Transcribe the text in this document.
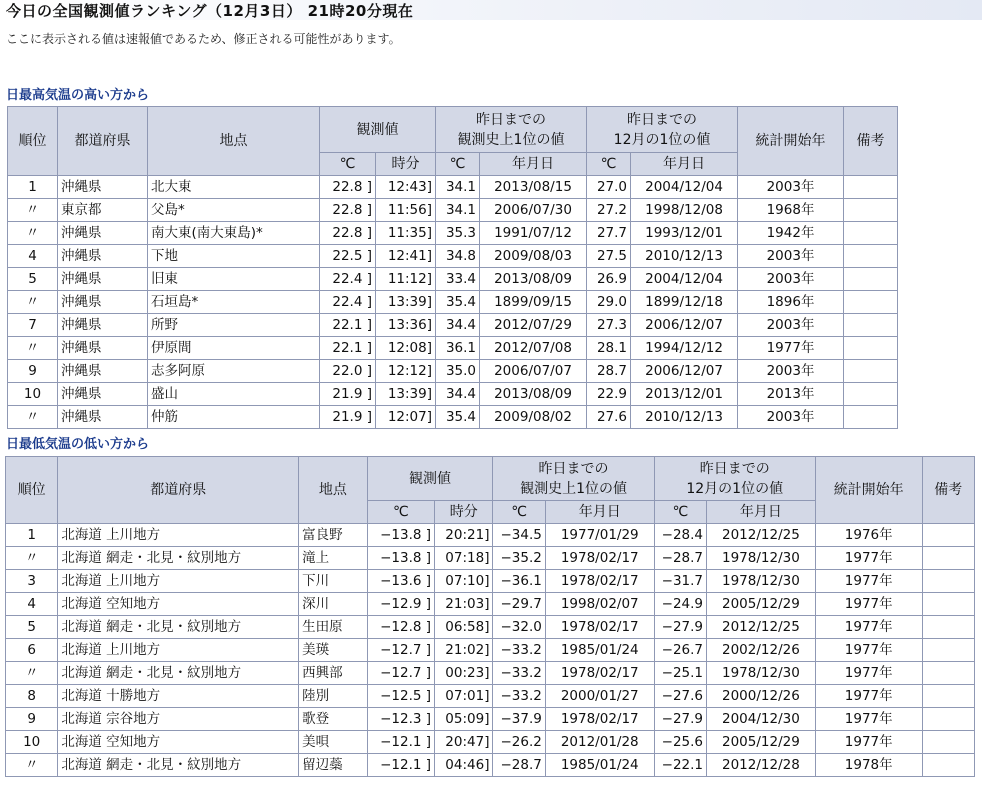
今日の全国観測値ランキング（12月3日） 21時20分現在
ここに表示される値は速報値であるため、修正される可能性があります。
日最高気温の高い方から
順位	都道府県	地点	観測値		昨日までの
観測史上1位の値		昨日までの
12月の1位の値		統計開始年	備考
			℃	時分	℃	年月日	℃	年月日		
1	沖縄県	北大東	22.8 ]	12:43]	34.1	2013/08/15	27.0	2004/12/04	2003年	
〃	東京都	父島*	22.8 ]	11:56]	34.1	2006/07/30	27.2	1998/12/08	1968年	
〃	沖縄県	南大東(南大東島)*	22.8 ]	11:35]	35.3	1991/07/12	27.7	1993/12/01	1942年	
4	沖縄県	下地	22.5 ]	12:41]	34.8	2009/08/03	27.5	2010/12/13	2003年	
5	沖縄県	旧東	22.4 ]	11:12]	33.4	2013/08/09	26.9	2004/12/04	2003年	
〃	沖縄県	石垣島*	22.4 ]	13:39]	35.4	1899/09/15	29.0	1899/12/18	1896年	
7	沖縄県	所野	22.1 ]	13:36]	34.4	2012/07/29	27.3	2006/12/07	2003年	
〃	沖縄県	伊原間	22.1 ]	12:08]	36.1	2012/07/08	28.1	1994/12/12	1977年	
9	沖縄県	志多阿原	22.0 ]	12:12]	35.0	2006/07/07	28.7	2006/12/07	2003年	
10	沖縄県	盛山	21.9 ]	13:39]	34.4	2013/08/09	22.9	2013/12/01	2013年	
〃	沖縄県	仲筋	21.9 ]	12:07]	35.4	2009/08/02	27.6	2010/12/13	2003年	
日最低気温の低い方から
順位	都道府県	地点	観測値		昨日までの
観測史上1位の値		昨日までの
12月の1位の値		統計開始年	備考
			℃	時分	℃	年月日	℃	年月日		
1	北海道 上川地方	富良野	−13.8 ]	20:21]	−34.5	1977/01/29	−28.4	2012/12/25	1976年	
〃	北海道 網走・北見・紋別地方	滝上	−13.8 ]	07:18]	−35.2	1978/02/17	−28.7	1978/12/30	1977年	
3	北海道 上川地方	下川	−13.6 ]	07:10]	−36.1	1978/02/17	−31.7	1978/12/30	1977年	
4	北海道 空知地方	深川	−12.9 ]	21:03]	−29.7	1998/02/07	−24.9	2005/12/29	1977年	
5	北海道 網走・北見・紋別地方	生田原	−12.8 ]	06:58]	−32.0	1978/02/17	−27.9	2012/12/25	1977年	
6	北海道 上川地方	美瑛	−12.7 ]	21:02]	−33.2	1985/01/24	−26.7	2002/12/26	1977年	
〃	北海道 網走・北見・紋別地方	西興部	−12.7 ]	00:23]	−33.2	1978/02/17	−25.1	1978/12/30	1977年	
8	北海道 十勝地方	陸別	−12.5 ]	07:01]	−33.2	2000/01/27	−27.6	2000/12/26	1977年	
9	北海道 宗谷地方	歌登	−12.3 ]	05:09]	−37.9	1978/02/17	−27.9	2004/12/30	1977年	
10	北海道 空知地方	美唄	−12.1 ]	20:47]	−26.2	2012/01/28	−25.6	2005/12/29	1977年	
〃	北海道 網走・北見・紋別地方	留辺蘂	−12.1 ]	04:46]	−28.7	1985/01/24	−22.1	2012/12/28	1978年	
